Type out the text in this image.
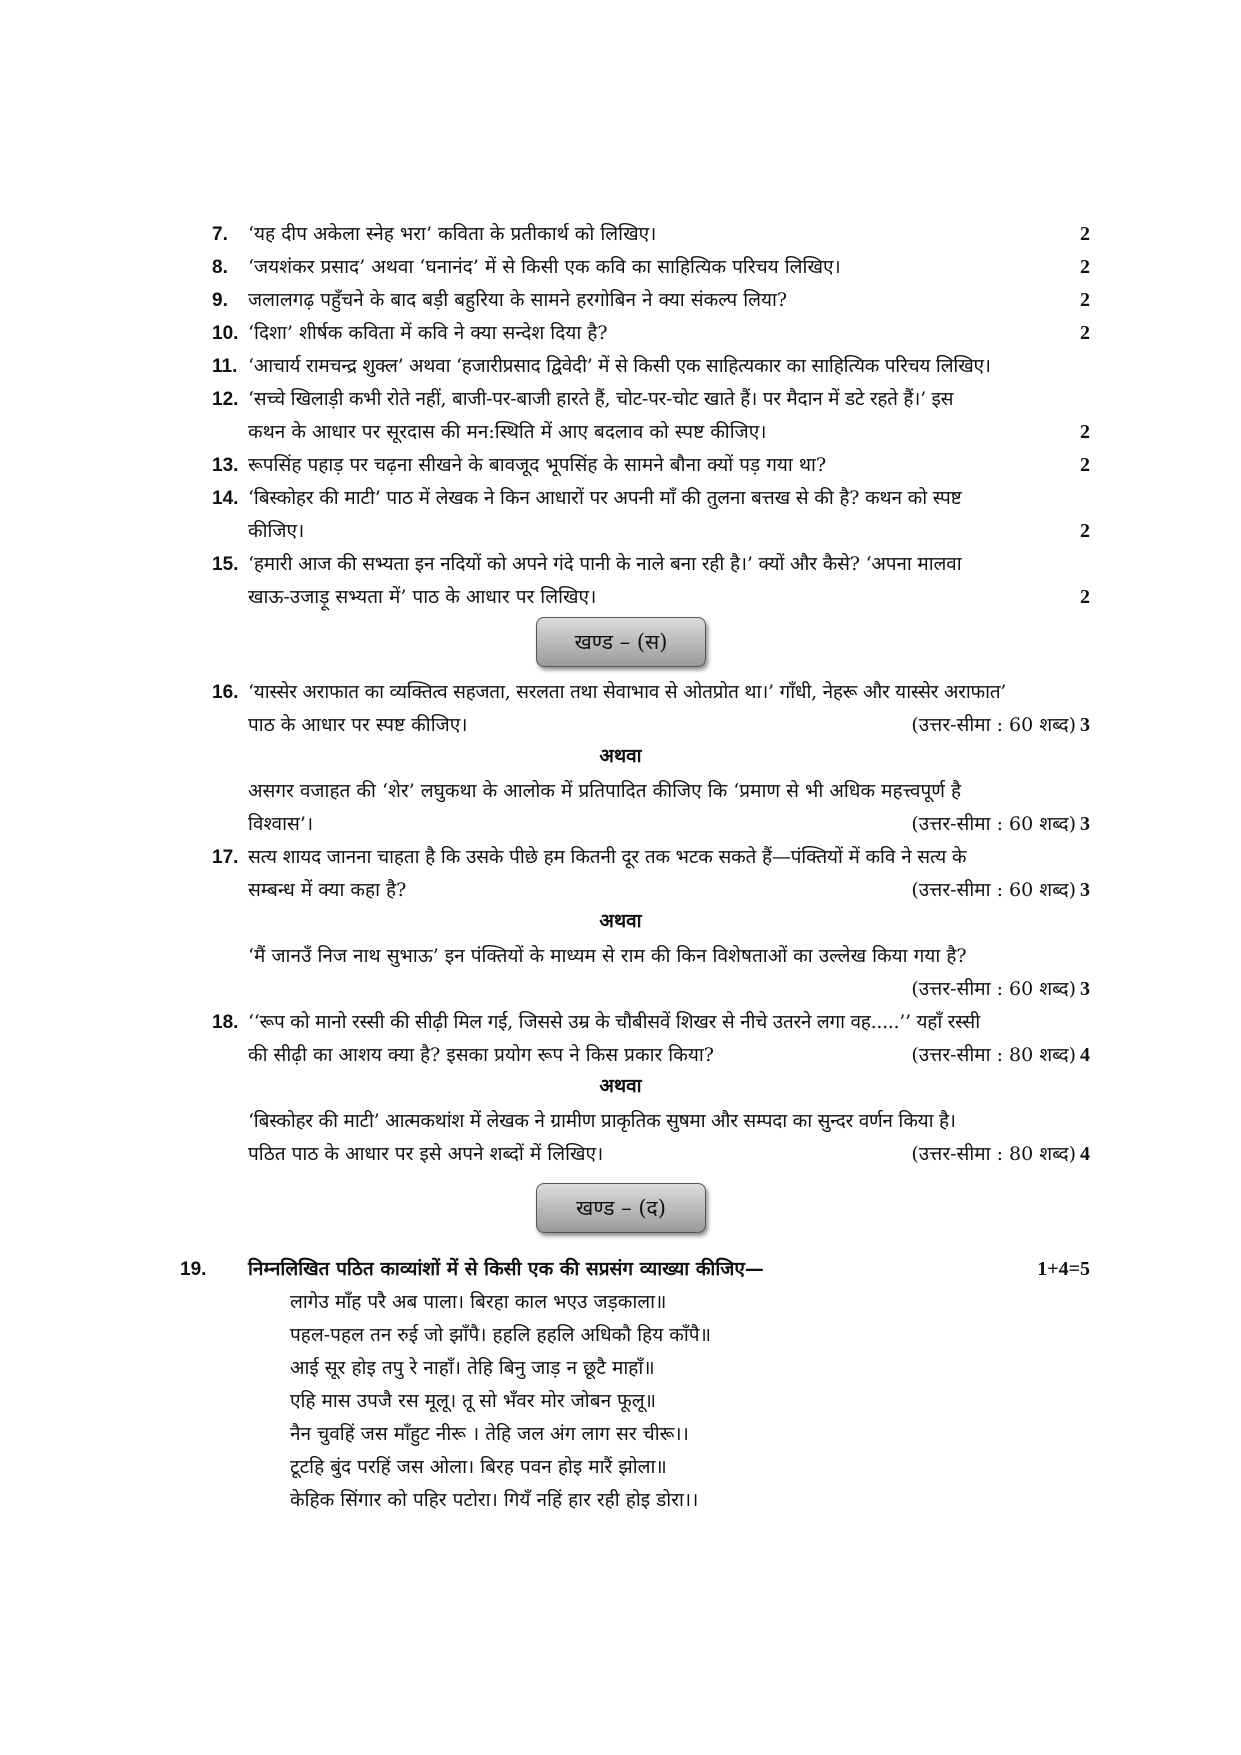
7. ‘यह दीप अकेला स्नेह भरा’ कविता के प्रतीकार्थ को लिखिए।	2
8. ‘जयशंकर प्रसाद’ अथवा ‘घनानंद’ में से किसी एक कवि का साहित्यिक परिचय लिखिए।	2
9. जलालगढ़ पहुँचने के बाद बड़ी बहुरिया के सामने हरगोबिन ने क्या संकल्प लिया?	2
10. ‘दिशा’ शीर्षक कविता में कवि ने क्या सन्देश दिया है?	2
11. ‘आचार्य रामचन्द्र शुक्ल’ अथवा ‘हजारीप्रसाद द्विवेदी’ में से किसी एक साहित्यकार का साहित्यिक परिचय लिखिए।
12. ‘सच्चे खिलाड़ी कभी रोते नहीं, बाजी-पर-बाजी हारते हैं, चोट-पर-चोट खाते हैं। पर मैदान में डटे रहते हैं।’ इस
कथन के आधार पर सूरदास की मन:स्थिति में आए बदलाव को स्पष्ट कीजिए।	2
13. रूपसिंह पहाड़ पर चढ़ना सीखने के बावजूद भूपसिंह के सामने बौना क्यों पड़ गया था?	2
14. ‘बिस्कोहर की माटी’ पाठ में लेखक ने किन आधारों पर अपनी माँ की तुलना बत्तख से की है? कथन को स्पष्ट
कीजिए।	2
15. ‘हमारी आज की सभ्यता इन नदियों को अपने गंदे पानी के नाले बना रही है।’ क्यों और कैसे? ‘अपना मालवा
खाऊ-उजाड़ू सभ्यता में’ पाठ के आधार पर लिखिए।	2
खण्ड – (स)
16. ‘यास्सेर अराफात का व्यक्तित्व सहजता, सरलता तथा सेवाभाव से ओतप्रोत था।’ गाँधी, नेहरू और यास्सेर अराफात’
पाठ के आधार पर स्पष्ट कीजिए।	(उत्तर-सीमा : 60 शब्द) 3
अथवा
असगर वजाहत की ‘शेर’ लघुकथा के आलोक में प्रतिपादित कीजिए कि ‘प्रमाण से भी अधिक महत्त्वपूर्ण है
विश्वास’।	(उत्तर-सीमा : 60 शब्द) 3
17. सत्य शायद जानना चाहता है कि उसके पीछे हम कितनी दूर तक भटक सकते हैं—पंक्तियों में कवि ने सत्य के
सम्बन्ध में क्या कहा है?	(उत्तर-सीमा : 60 शब्द) 3
अथवा
‘मैं जानउँ निज नाथ सुभाऊ’ इन पंक्तियों के माध्यम से राम की किन विशेषताओं का उल्लेख किया गया है?
(उत्तर-सीमा : 60 शब्द) 3
18. ‘‘रूप को मानो रस्सी की सीढ़ी मिल गई, जिससे उम्र के चौबीसवें शिखर से नीचे उतरने लगा वह.....’’ यहाँ रस्सी
की सीढ़ी का आशय क्या है? इसका प्रयोग रूप ने किस प्रकार किया?	(उत्तर-सीमा : 80 शब्द) 4
अथवा
‘बिस्कोहर की माटी’ आत्मकथांश में लेखक ने ग्रामीण प्राकृतिक सुषमा और सम्पदा का सुन्दर वर्णन किया है।
पठित पाठ के आधार पर इसे अपने शब्दों में लिखिए।	(उत्तर-सीमा : 80 शब्द) 4
खण्ड – (द)
19. निम्नलिखित पठित काव्यांशों में से किसी एक की सप्रसंग व्याख्या कीजिए—	1+4=5
लागेउ माँह परै अब पाला। बिरहा काल भएउ जड़काला॥
पहल-पहल तन रुई जो झाँपै। हहलि हहलि अधिकौ हिय काँपै॥
आई सूर होइ तपु रे नाहाँ। तेहि बिनु जाड़ न छूटै माहाँ॥
एहि मास उपजै रस मूलू। तू सो भँवर मोर जोबन फूलू॥
नैन चुवहिं जस माँहुट नीरू । तेहि जल अंग लाग सर चीरू।।
टूटहि बुंद परहिं जस ओला। बिरह पवन होइ मारैं झोला॥
केहिक सिंगार को पहिर पटोरा। गियँ नहिं हार रही होइ डोरा।।
